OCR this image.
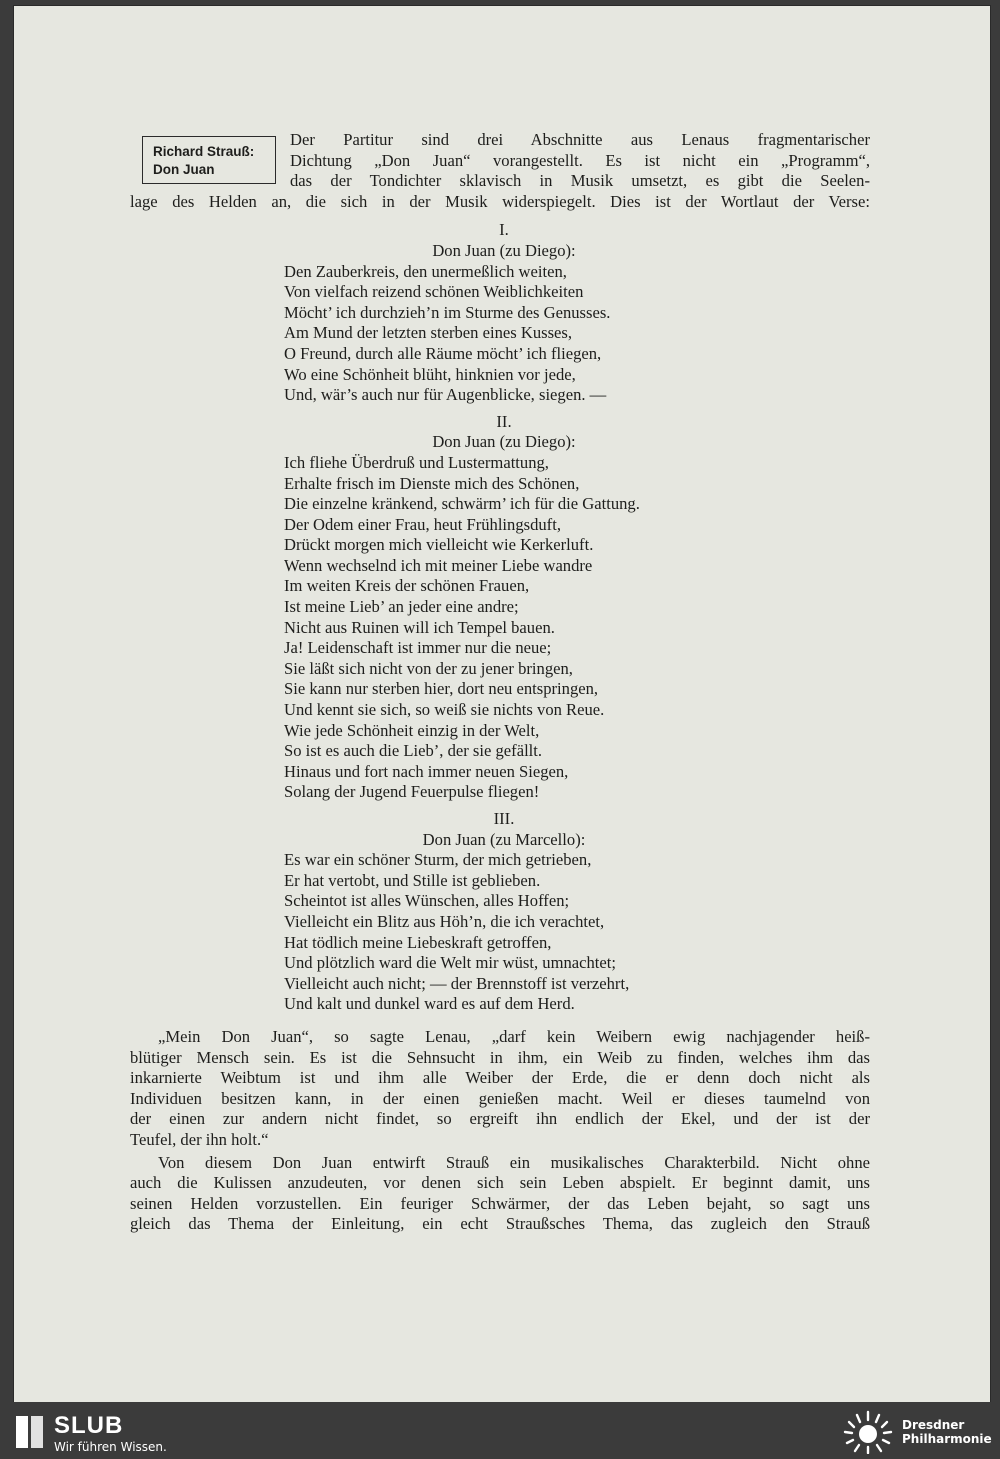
Richard Strauß:
Don Juan
Der Partitur sind drei Abschnitte aus Lenaus fragmentarischer
Dichtung „Don Juan“ vorangestellt. Es ist nicht ein „Programm“,
das der Tondichter sklavisch in Musik umsetzt, es gibt die Seelen-
lage des Helden an, die sich in der Musik widerspiegelt. Dies ist der Wortlaut der Verse:
I.
Don Juan (zu Diego):
Den Zauberkreis, den unermeßlich weiten,
Von vielfach reizend schönen Weiblichkeiten
Möcht’ ich durchzieh’n im Sturme des Genusses.
Am Mund der letzten sterben eines Kusses,
O Freund, durch alle Räume möcht’ ich fliegen,
Wo eine Schönheit blüht, hinknien vor jede,
Und, wär’s auch nur für Augenblicke, siegen. —
II.
Don Juan (zu Diego):
Ich fliehe Überdruß und Lustermattung,
Erhalte frisch im Dienste mich des Schönen,
Die einzelne kränkend, schwärm’ ich für die Gattung.
Der Odem einer Frau, heut Frühlingsduft,
Drückt morgen mich vielleicht wie Kerkerluft.
Wenn wechselnd ich mit meiner Liebe wandre
Im weiten Kreis der schönen Frauen,
Ist meine Lieb’ an jeder eine andre;
Nicht aus Ruinen will ich Tempel bauen.
Ja! Leidenschaft ist immer nur die neue;
Sie läßt sich nicht von der zu jener bringen,
Sie kann nur sterben hier, dort neu entspringen,
Und kennt sie sich, so weiß sie nichts von Reue.
Wie jede Schönheit einzig in der Welt,
So ist es auch die Lieb’, der sie gefällt.
Hinaus und fort nach immer neuen Siegen,
Solang der Jugend Feuerpulse fliegen!
III.
Don Juan (zu Marcello):
Es war ein schöner Sturm, der mich getrieben,
Er hat vertobt, und Stille ist geblieben.
Scheintot ist alles Wünschen, alles Hoffen;
Vielleicht ein Blitz aus Höh’n, die ich verachtet,
Hat tödlich meine Liebeskraft getroffen,
Und plötzlich ward die Welt mir wüst, umnachtet;
Vielleicht auch nicht; — der Brennstoff ist verzehrt,
Und kalt und dunkel ward es auf dem Herd.

„Mein Don Juan“, so sagte Lenau, „darf kein Weibern ewig nachjagender heiß-
blütiger Mensch sein. Es ist die Sehnsucht in ihm, ein Weib zu finden, welches ihm das
inkarnierte Weibtum ist und ihm alle Weiber der Erde, die er denn doch nicht als
Individuen besitzen kann, in der einen genießen macht. Weil er dieses taumelnd von
der einen zur andern nicht findet, so ergreift ihn endlich der Ekel, und der ist der
Teufel, der ihn holt.“

Von diesem Don Juan entwirft Strauß ein musikalisches Charakterbild. Nicht ohne
auch die Kulissen anzudeuten, vor denen sich sein Leben abspielt. Er beginnt damit, uns
seinen Helden vorzustellen. Ein feuriger Schwärmer, der das Leben bejaht, so sagt uns
gleich das Thema der Einleitung, ein echt Straußsches Thema, das zugleich den Strauß

SLUB
Wir führen Wissen.
Dresdner
Philharmonie
